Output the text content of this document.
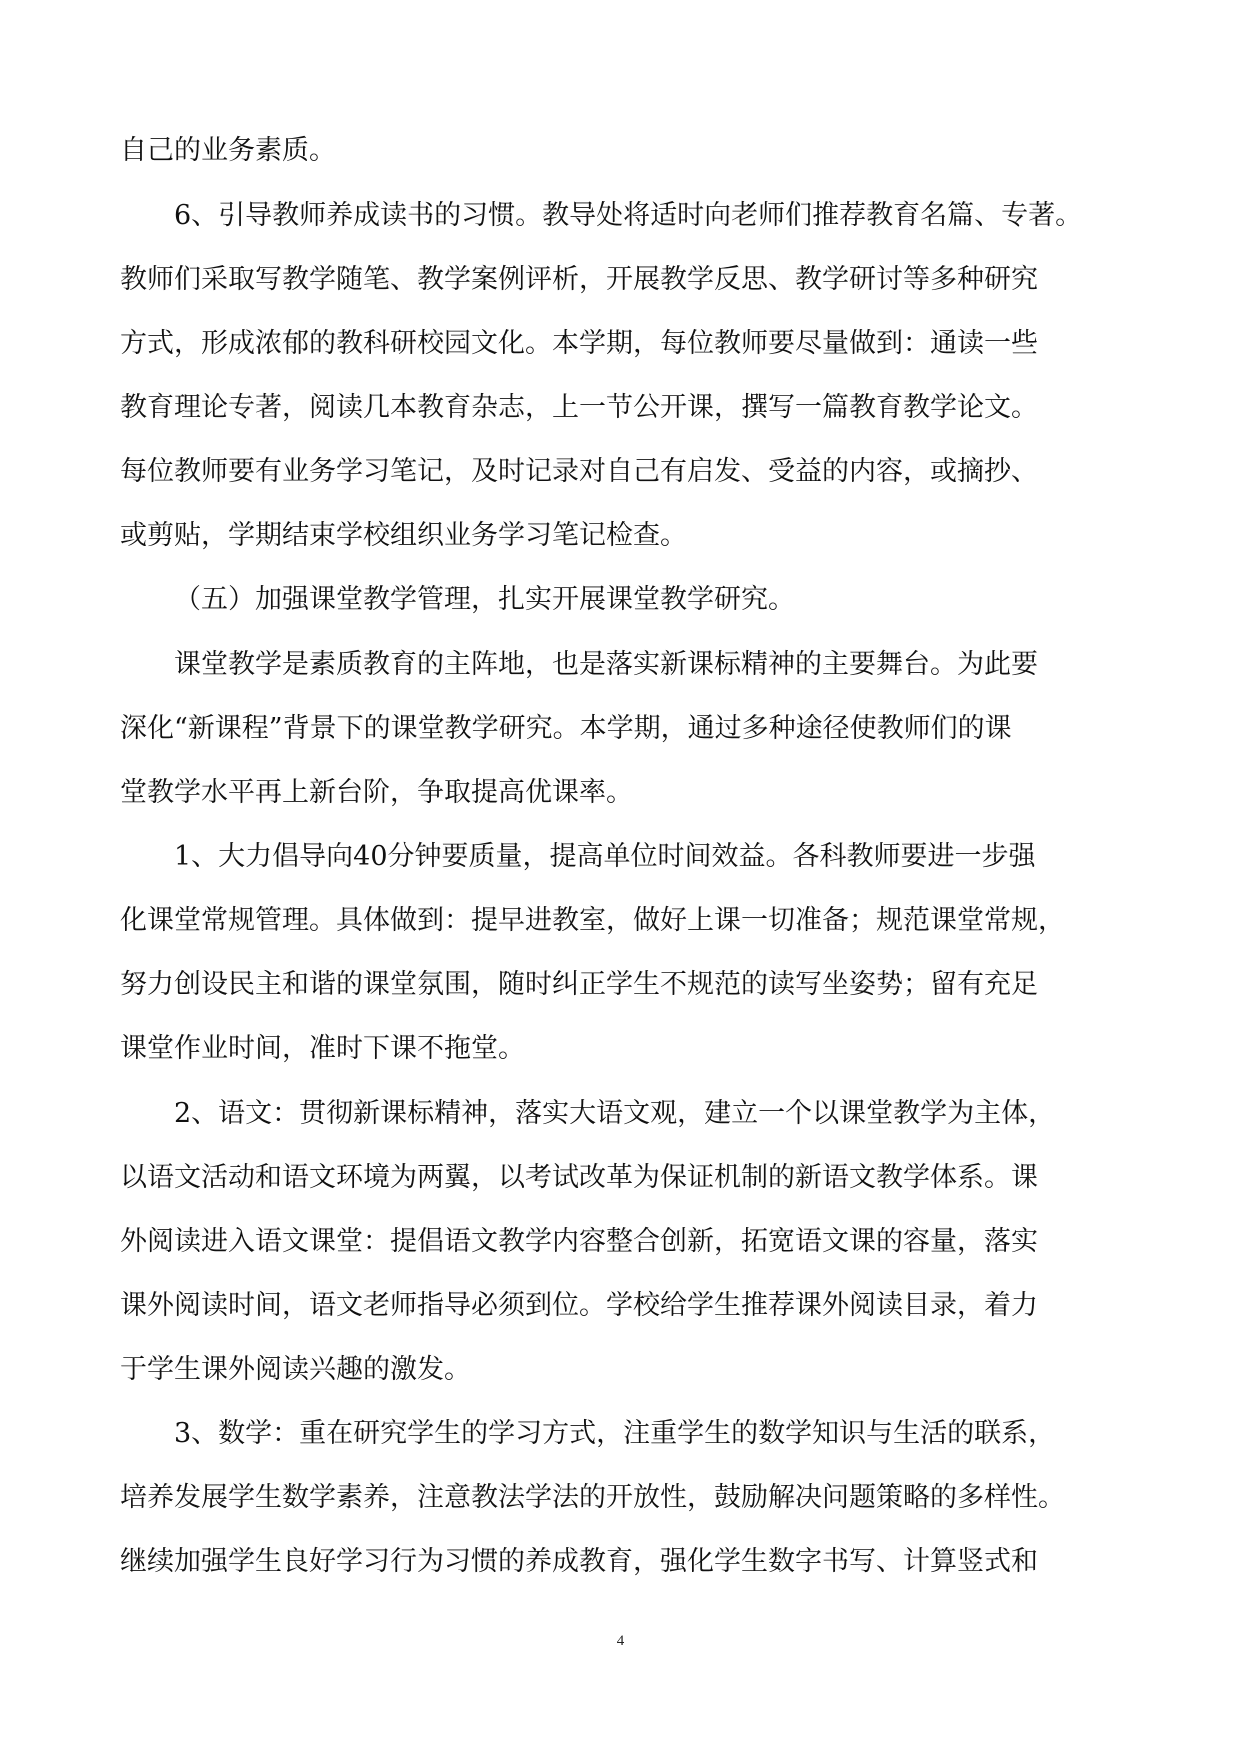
自己的业务素质。
6、引导教师养成读书的习惯。教导处将适时向老师们推荐教育名篇、专著。
教师们采取写教学随笔、教学案例评析，开展教学反思、教学研讨等多种研究
方式，形成浓郁的教科研校园文化。本学期，每位教师要尽量做到：通读一些
教育理论专著，阅读几本教育杂志，上一节公开课，撰写一篇教育教学论文。
每位教师要有业务学习笔记，及时记录对自己有启发、受益的内容，或摘抄、
或剪贴，学期结束学校组织业务学习笔记检查。
（五）加强课堂教学管理，扎实开展课堂教学研究。
课堂教学是素质教育的主阵地，也是落实新课标精神的主要舞台。为此要
深化“新课程”背景下的课堂教学研究。本学期，通过多种途径使教师们的课
堂教学水平再上新台阶，争取提高优课率。
1、大力倡导向40分钟要质量，提高单位时间效益。各科教师要进一步强
化课堂常规管理。具体做到：提早进教室，做好上课一切准备；规范课堂常规，
努力创设民主和谐的课堂氛围，随时纠正学生不规范的读写坐姿势；留有充足
课堂作业时间，准时下课不拖堂。
2、语文：贯彻新课标精神，落实大语文观，建立一个以课堂教学为主体，
以语文活动和语文环境为两翼，以考试改革为保证机制的新语文教学体系。课
外阅读进入语文课堂：提倡语文教学内容整合创新，拓宽语文课的容量，落实
课外阅读时间，语文老师指导必须到位。学校给学生推荐课外阅读目录，着力
于学生课外阅读兴趣的激发。
3、数学：重在研究学生的学习方式，注重学生的数学知识与生活的联系，
培养发展学生数学素养，注意教法学法的开放性，鼓励解决问题策略的多样性。
继续加强学生良好学习行为习惯的养成教育，强化学生数字书写、计算竖式和
4
